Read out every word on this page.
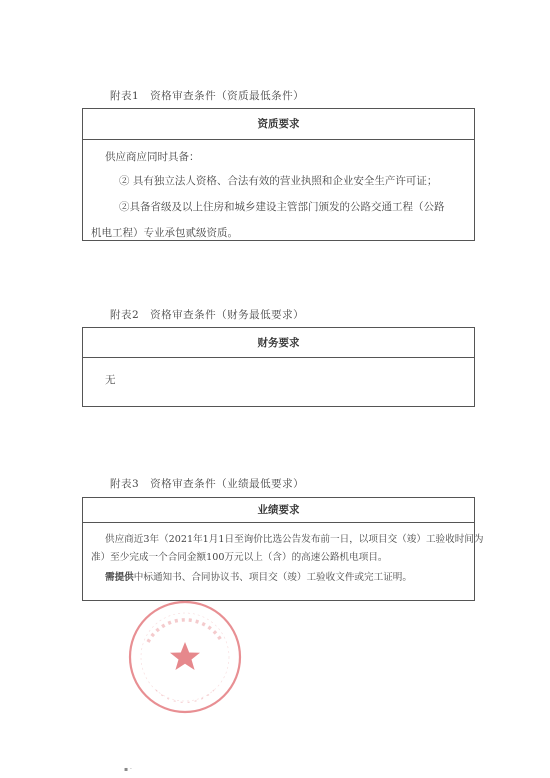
附表1　资格审查条件（资质最低条件）
资质要求
供应商应同时具备：
② 具有独立法人资格、合法有效的营业执照和企业安全生产许可证；
②具备省级及以上住房和城乡建设主管部门颁发的公路交通工程（公路
机电工程）专业承包贰级资质。
附表2　资格审查条件（财务最低要求）
财务要求
无
附表3　资格审查条件（业绩最低要求）
业绩要求
供应商近3年（2021年1月1日至询价比选公告发布前一日，以项目交（竣）工验收时间为
准）至少完成一个合同金额100万元以上（含）的高速公路机电项目。
需提供中标通知书、合同协议书、项目交（竣）工验收文件或完工证明。
▪ ·
